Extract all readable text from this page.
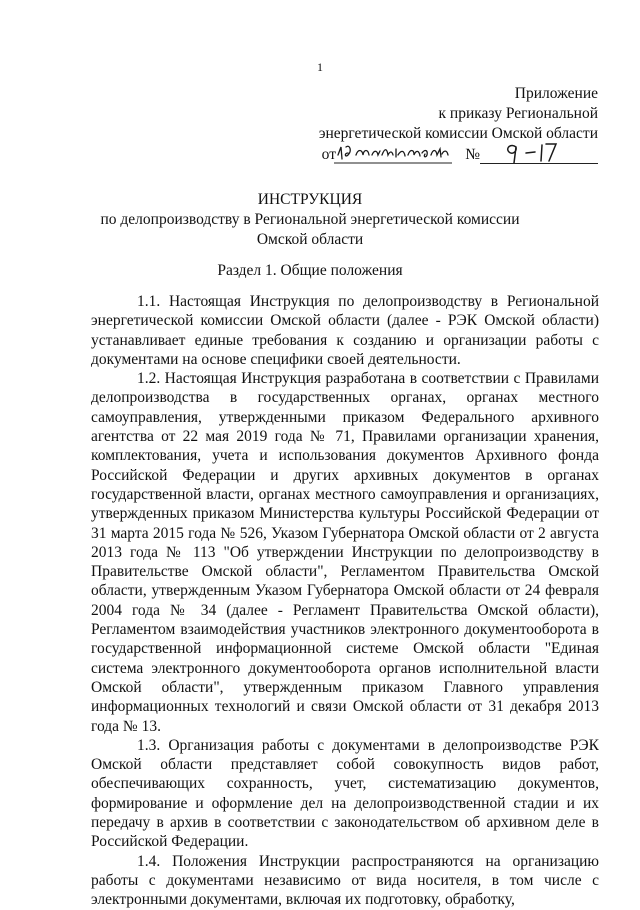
1
Приложение
к приказу Региональной
энергетической комиссии Омской области
от	№
ИНСТРУКЦИЯ
по делопроизводству в Региональной энергетической комиссии
Омской области
Раздел 1. Общие положения

1.1. Настоящая Инструкция по делопроизводству в Региональной энергетической комиссии Омской области (далее - РЭК Омской области) устанавливает единые требования к созданию и организации работы с документами на основе специфики своей деятельности.

1.2. Настоящая Инструкция разработана в соответствии с Правилами делопроизводства в государственных органах, органах местного самоуправления, утвержденными приказом Федерального архивного агентства от 22 мая 2019 года № 71, Правилами организации хранения, комплектования, учета и использования документов Архивного фонда Российской Федерации и других архивных документов в органах государственной власти, органах местного самоуправления и организациях, утвержденных приказом Министерства культуры Российской Федерации от 31 марта 2015 года № 526, Указом Губернатора Омской области от 2 августа 2013 года № 113 "Об утверждении Инструкции по делопроизводству в Правительстве Омской области", Регламентом Правительства Омской области, утвержденным Указом Губернатора Омской области от 24 февраля 2004 года № 34 (далее - Регламент Правительства Омской области), Регламентом взаимодействия участников электронного документооборота в государственной информационной системе Омской области "Единая система электронного документооборота органов исполнительной власти Омской области", утвержденным приказом Главного управления информационных технологий и связи Омской области от 31 декабря 2013 года № 13.

1.3. Организация работы с документами в делопроизводстве РЭК Омской области представляет собой совокупность видов работ, обеспечивающих сохранность, учет, систематизацию документов, формирование и оформление дел на делопроизводственной стадии и их передачу в архив в соответствии с законодательством об архивном деле в Российской Федерации.

1.4. Положения Инструкции распространяются на организацию работы с документами независимо от вида носителя, в том числе с электронными документами, включая их подготовку, обработку,
